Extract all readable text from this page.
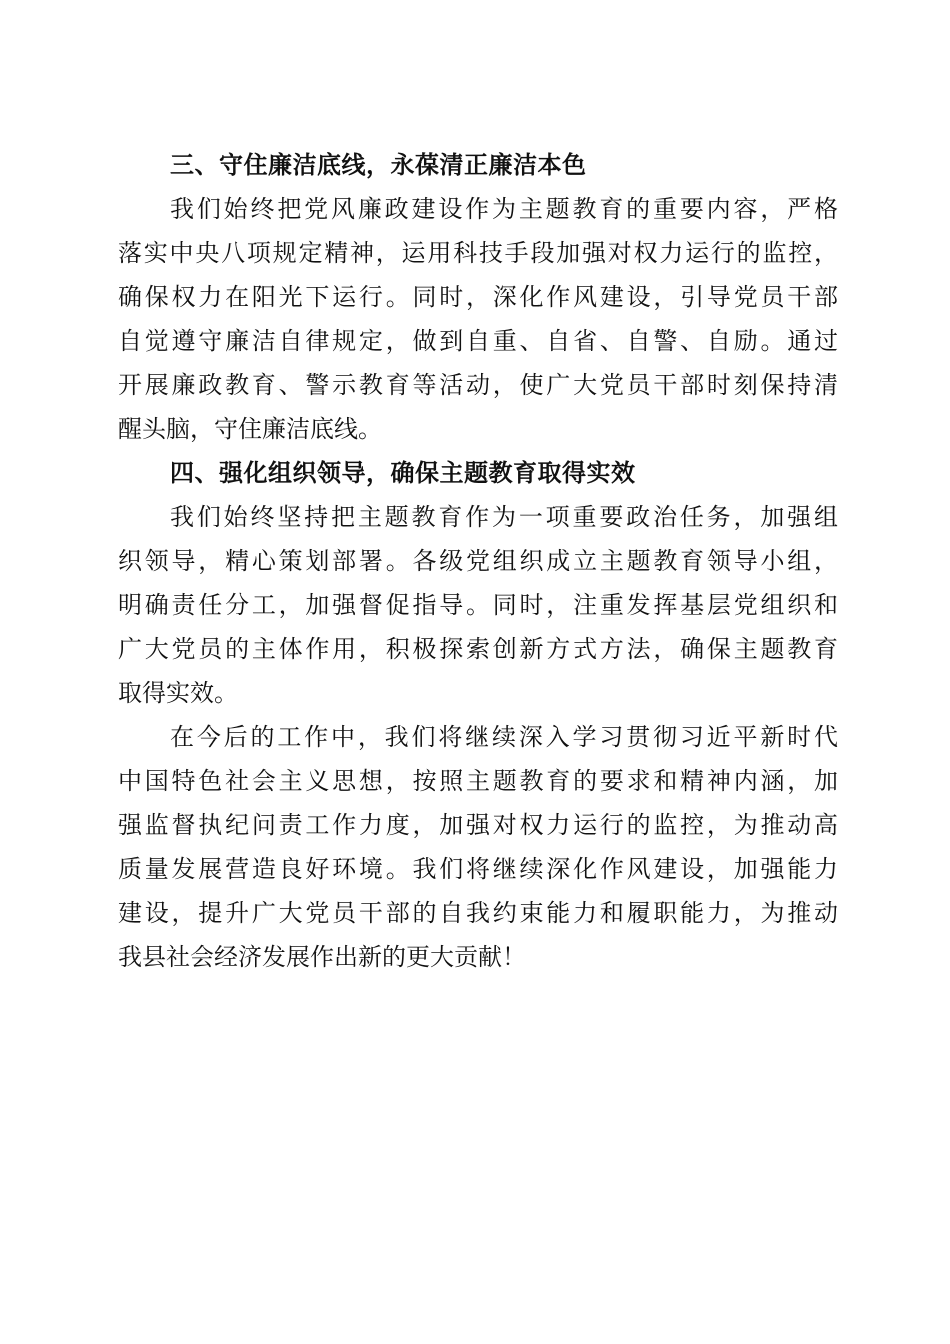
三、守住廉洁底线，永葆清正廉洁本色
我们始终把党风廉政建设作为主题教育的重要内容，严格
落实中央八项规定精神，运用科技手段加强对权力运行的监控，
确保权力在阳光下运行。同时，深化作风建设，引导党员干部
自觉遵守廉洁自律规定，做到自重、自省、自警、自励。通过
开展廉政教育、警示教育等活动，使广大党员干部时刻保持清
醒头脑，守住廉洁底线。
四、强化组织领导，确保主题教育取得实效
我们始终坚持把主题教育作为一项重要政治任务，加强组
织领导，精心策划部署。各级党组织成立主题教育领导小组，
明确责任分工，加强督促指导。同时，注重发挥基层党组织和
广大党员的主体作用，积极探索创新方式方法，确保主题教育
取得实效。
在今后的工作中，我们将继续深入学习贯彻习近平新时代
中国特色社会主义思想，按照主题教育的要求和精神内涵，加
强监督执纪问责工作力度，加强对权力运行的监控，为推动高
质量发展营造良好环境。我们将继续深化作风建设，加强能力
建设，提升广大党员干部的自我约束能力和履职能力，为推动
我县社会经济发展作出新的更大贡献！
